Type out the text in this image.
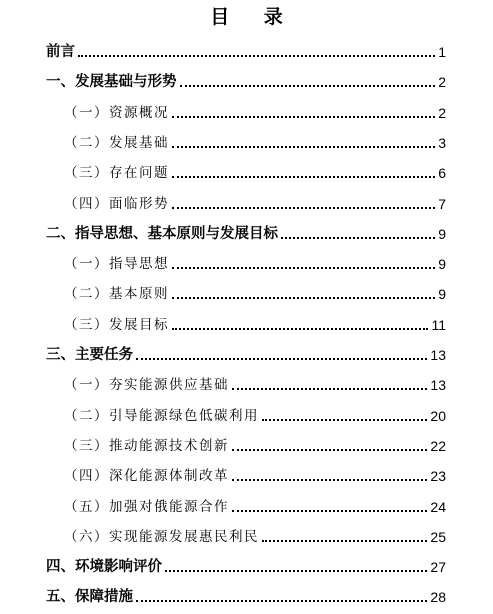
目 录
前言	1
一、发展基础与形势	2
（一）资源概况	2
（二）发展基础	3
（三）存在问题	6
（四）面临形势	7
二、指导思想、基本原则与发展目标	9
（一）指导思想	9
（二）基本原则	9
（三）发展目标	11
三、主要任务	13
（一）夯实能源供应基础	13
（二）引导能源绿色低碳利用	20
（三）推动能源技术创新	22
（四）深化能源体制改革	23
（五）加强对俄能源合作	24
（六）实现能源发展惠民利民	25
四、环境影响评价	27
五、保障措施	28
